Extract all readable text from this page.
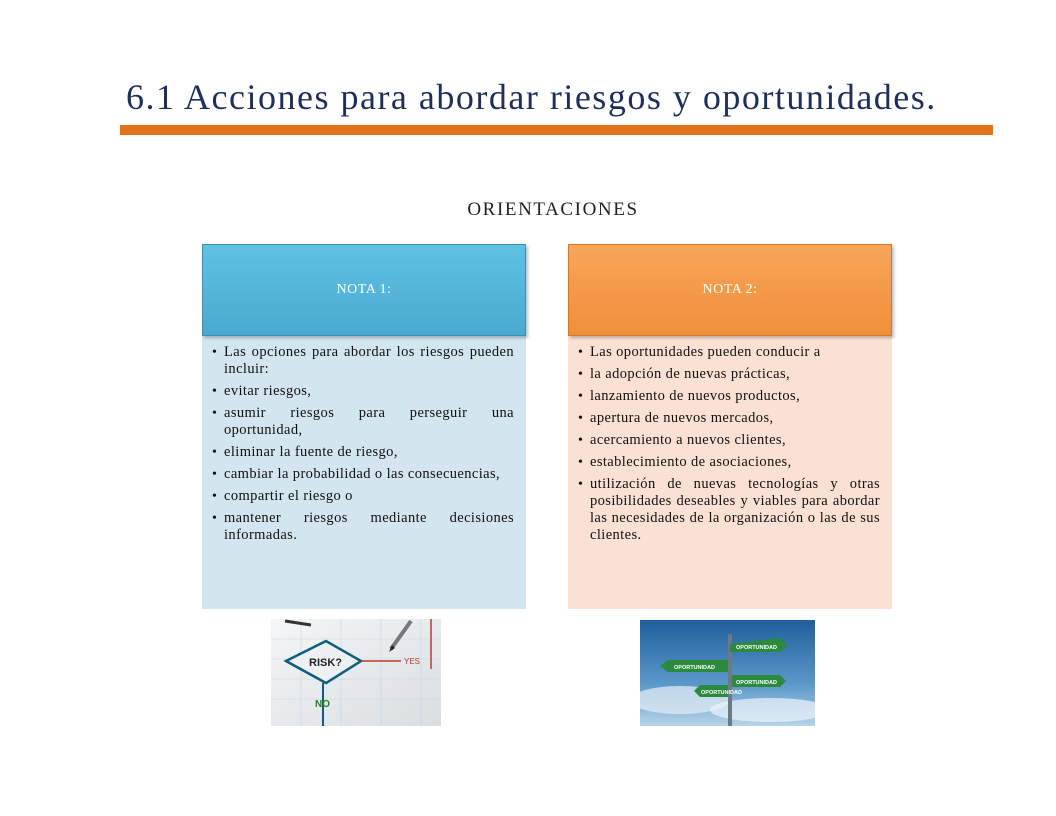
6.1 Acciones para abordar riesgos y oportunidades.
ORIENTACIONES
NOTA 1:
• Las opciones para abordar los riesgos pueden incluir:
• evitar riesgos,
• asumir riesgos para perseguir una oportunidad,
• eliminar la fuente de riesgo,
• cambiar la probabilidad o las consecuencias,
• compartir el riesgo o
• mantener riesgos mediante decisiones informadas.
NOTA 2:
• Las oportunidades pueden conducir a
• la adopción de nuevas prácticas,
• lanzamiento de nuevos productos,
• apertura de nuevos mercados,
• acercamiento a nuevos clientes,
• establecimiento de asociaciones,
• utilización de nuevas tecnologías y otras posibilidades deseables y viables para abordar las necesidades de la organización o las de sus clientes.
RISK?	YES
NO
OPORTUNIDAD
OPORTUNIDAD
OPORTUNIDAD
OPORTUNIDAD
